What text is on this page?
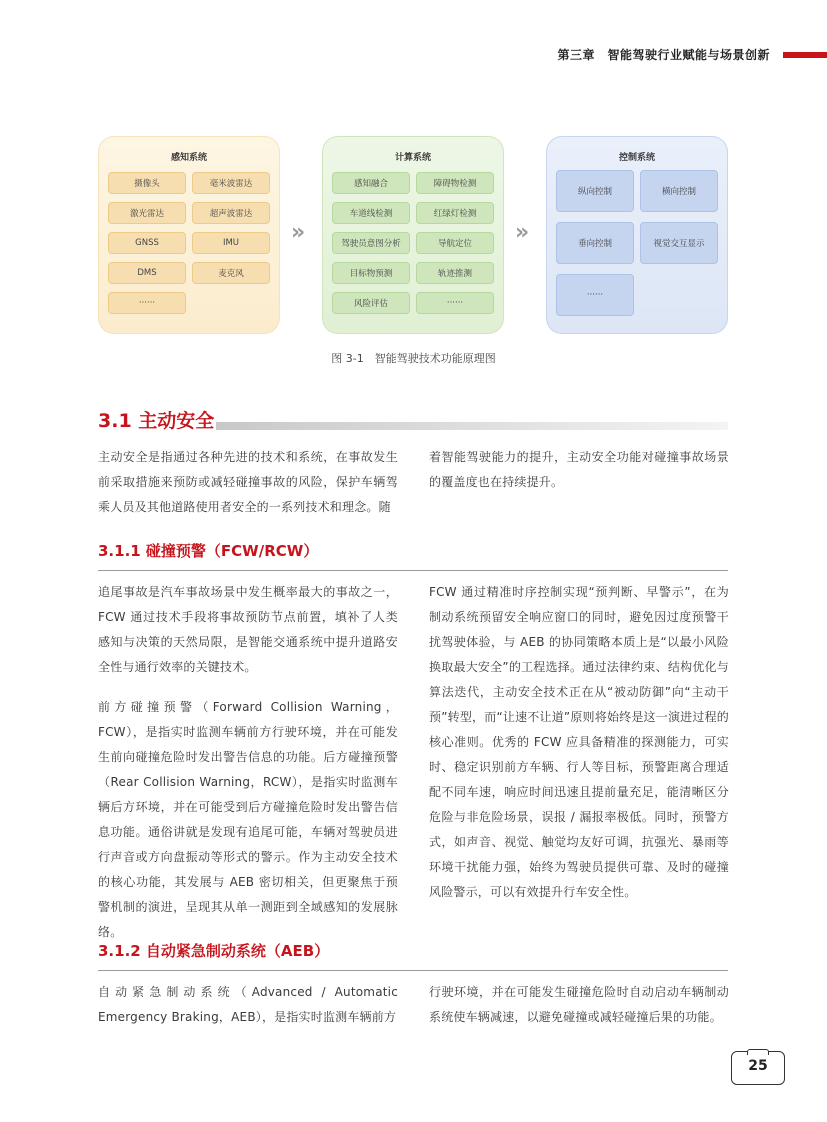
第三章　智能驾驶行业赋能与场景创新
感知系统
摄像头	毫米波雷达
激光雷达	超声波雷达
GNSS	IMU
DMS	麦克风
······
››
计算系统
感知融合	障碍物检测
车道线检测	红绿灯检测
驾驶员意图分析	导航定位
目标物预测	轨迹推测
风险评估	······
››
控制系统
纵向控制	横向控制
垂向控制	视觉交互显示
······
图 3-1　智能驾驶技术功能原理图
3.1 主动安全
主动安全是指通过各种先进的技术和系统，在事故发生前采取措施来预防或减轻碰撞事故的风险，保护车辆驾乘人员及其他道路使用者安全的一系列技术和理念。随
着智能驾驶能力的提升，主动安全功能对碰撞事故场景的覆盖度也在持续提升。
3.1.1 碰撞预警（FCW/RCW）
追尾事故是汽车事故场景中发生概率最大的事故之一，FCW 通过技术手段将事故预防节点前置，填补了人类感知与决策的天然局限，是智能交通系统中提升道路安全性与通行效率的关键技术。
前方碰撞预警（Forward Collision Warning，FCW），是指实时监测车辆前方行驶环境，并在可能发生前向碰撞危险时发出警告信息的功能。后方碰撞预警（Rear Collision Warning，RCW），是指实时监测车辆后方环境，并在可能受到后方碰撞危险时发出警告信息功能。通俗讲就是发现有追尾可能，车辆对驾驶员进行声音或方向盘振动等形式的警示。作为主动安全技术的核心功能，其发展与 AEB 密切相关，但更聚焦于预警机制的演进，呈现其从单一测距到全域感知的发展脉络。
FCW 通过精准时序控制实现“预判断、早警示”，在为制动系统预留安全响应窗口的同时，避免因过度预警干扰驾驶体验，与 AEB 的协同策略本质上是“以最小风险换取最大安全”的工程选择。通过法律约束、结构优化与算法迭代，主动安全技术正在从“被动防御”向“主动干预”转型，而“让速不让道”原则将始终是这一演进过程的核心准则。优秀的 FCW 应具备精准的探测能力，可实时、稳定识别前方车辆、行人等目标，预警距离合理适配不同车速，响应时间迅速且提前量充足，能清晰区分危险与非危险场景，误报 / 漏报率极低。同时，预警方式，如声音、视觉、触觉均友好可调，抗强光、暴雨等环境干扰能力强，始终为驾驶员提供可靠、及时的碰撞风险警示，可以有效提升行车安全性。
3.1.2 自动紧急制动系统（AEB）
自动紧急制动系统（Advanced / Automatic Emergency Braking，AEB），是指实时监测车辆前方
行驶环境，并在可能发生碰撞危险时自动启动车辆制动系统使车辆减速，以避免碰撞或减轻碰撞后果的功能。
25
